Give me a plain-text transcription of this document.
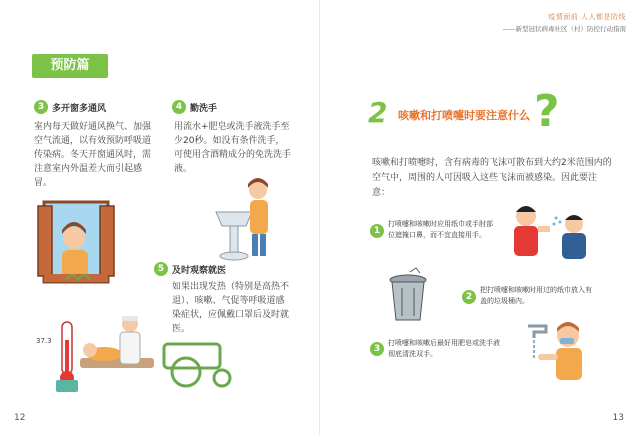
预防篇
3 多开窗多通风
室内每天做好通风换气、加强空气流通，以有效预防呼吸道传染病。冬天开窗通风时，需注意室内外温差大而引起感冒。
4 勤洗手
用流水+肥皂或洗手液洗手至少20秒。如没有条件洗手，可使用含酒精成分的免洗洗手液。
5 及时观察就医
如果出现发热（特别是高热不退）、咳嗽、气促等呼吸道感染症状，应佩戴口罩后及时就医。
12
37.3
疫情面前 人人都是防线
——新型冠状病毒社区（村）防控行动指南
13
2 咳嗽和打喷嚏时要注意什么 ?
咳嗽和打喷嚏时，含有病毒的飞沫可散布到大约2米范围内的空气中，周围的人可因吸入这些飞沫而被感染。因此要注意：
1
打喷嚏和咳嗽时应用纸巾或手肘部位遮掩口鼻，而不宜直接用手。
2
把打喷嚏和咳嗽时用过的纸巾放入有盖的垃圾桶内。
3
打喷嚏和咳嗽后最好用肥皂或洗手液彻底清洗双手。
